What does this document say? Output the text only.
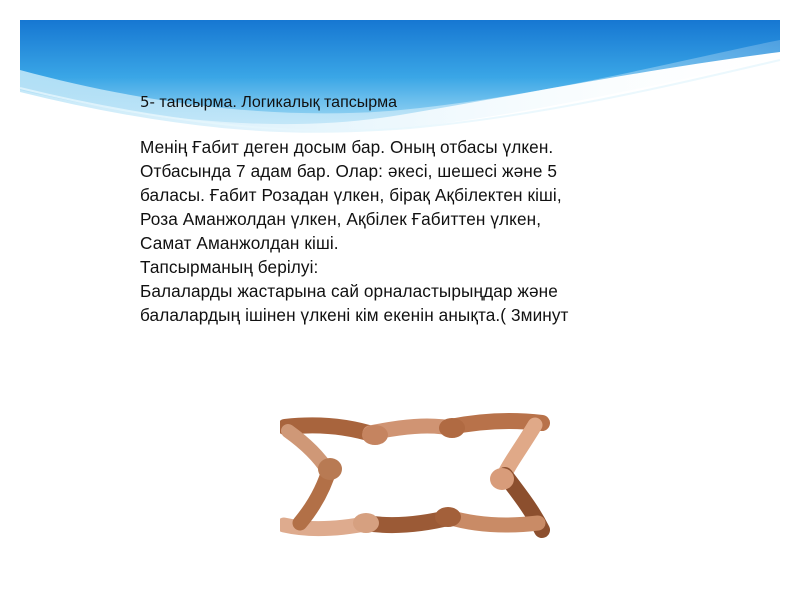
5- тапсырма. Логикалық тапсырма

Менің Ғабит деген досым бар. Оның отбасы үлкен.
Отбасында 7 адам бар. Олар: әкесі, шешесі және 5
баласы. Ғабит Розадан үлкен, бірақ Ақбілектен кіші,
Роза Аманжолдан үлкен, Ақбілек Ғабиттен үлкен,
Самат Аманжолдан кіші.
Тапсырманың берілуі:
Балаларды жастарына сай орналастырыңдар және
балалардың ішінен үлкені кім екенін анықта.( 3минут
